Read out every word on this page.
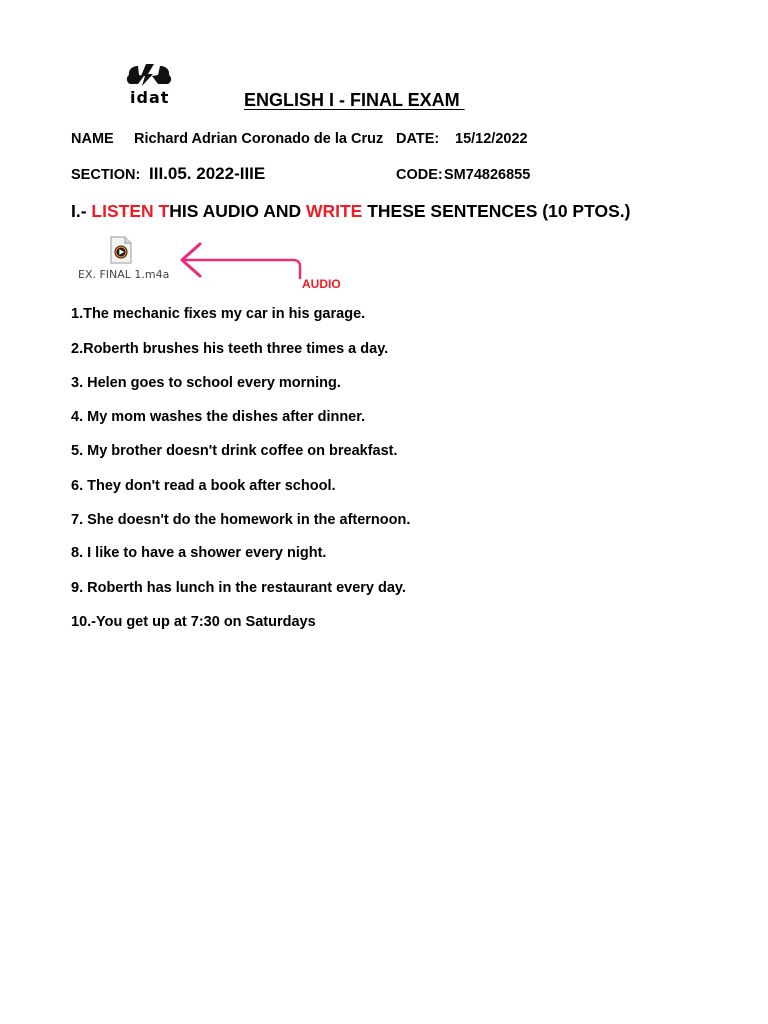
idat	ENGLISH I - FINAL EXAM
NAME Richard Adrian Coronado de la Cruz DATE: 15/12/2022
SECTION: III.05. 2022-IIIE	CODE: SM74826855
I.- LISTEN THIS AUDIO AND WRITE THESE SENTENCES (10 PTOS.)
EX. FINAL 1.m4a
AUDIO
1.The mechanic fixes my car in his garage.
2.Roberth brushes his teeth three times a day.
3. Helen goes to school every morning.
4. My mom washes the dishes after dinner.
5. My brother doesn't drink coffee on breakfast.
6. They don't read a book after school.
7. She doesn't do the homework in the afternoon.
8. I like to have a shower every night.
9. Roberth has lunch in the restaurant every day.
10.-You get up at 7:30 on Saturdays
